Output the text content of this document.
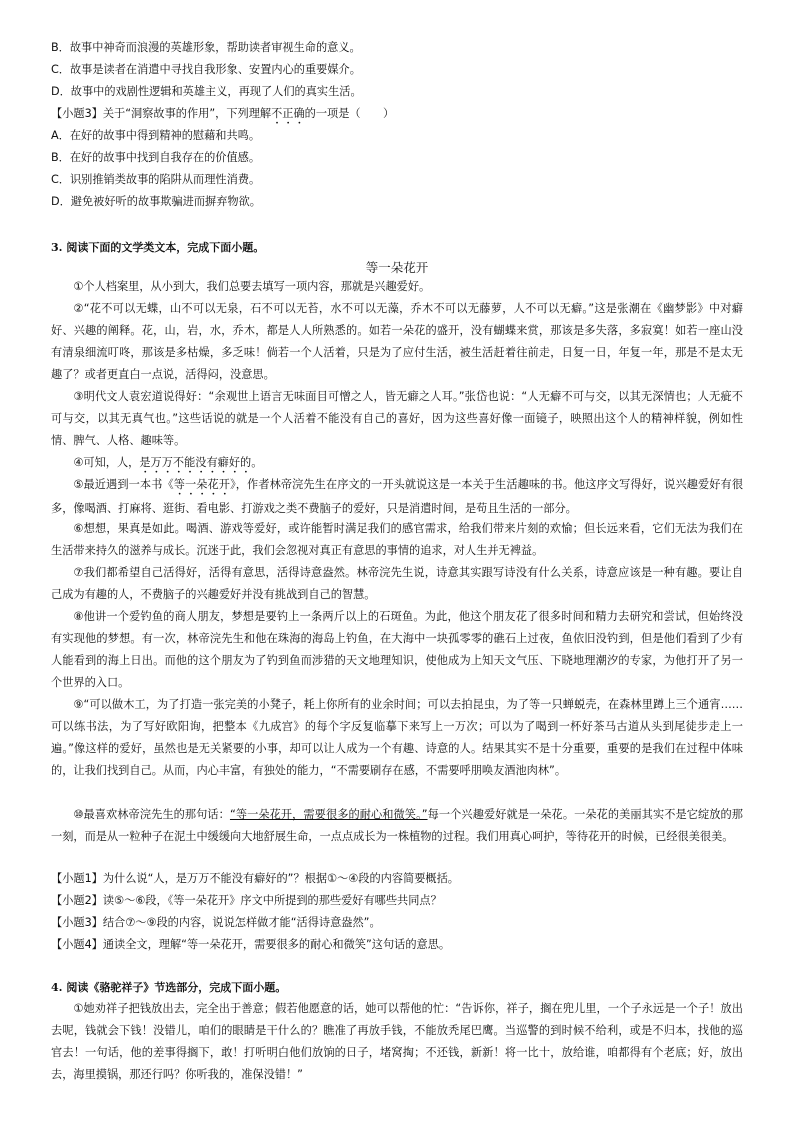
B．故事中神奇而浪漫的英雄形象，帮助读者审视生命的意义。
C．故事是读者在消遣中寻找自我形象、安置内心的重要媒介。
D．故事中的戏剧性逻辑和英雄主义，再现了人们的真实生活。
【小题3】关于“洞察故事的作用”，下列理解不正确的一项是（　　）
A．在好的故事中得到精神的慰藉和共鸣。
B．在好的故事中找到自我存在的价值感。
C．识别推销类故事的陷阱从而理性消费。
D．避免被好听的故事欺骗进而摒弃物欲。
3. 阅读下面的文学类文本，完成下面小题。
等一朵花开

①个人档案里，从小到大，我们总要去填写一项内容，那就是兴趣爱好。

②“花不可以无蝶，山不可以无泉，石不可以无苔，水不可以无藻，乔木不可以无藤萝，人不可以无癖。”这是张潮在《幽梦影》中对癖好、兴趣的阐释。花，山，岩，水，乔木，都是人人所熟悉的。如若一朵花的盛开，没有蝴蝶来赏，那该是多失落，多寂寞！如若一座山没有清泉细流叮咚，那该是多枯燥，多乏味！倘若一个人活着，只是为了应付生活，被生活赶着往前走，日复一日，年复一年，那是不是太无趣了？或者更直白一点说，活得闷，没意思。

③明代文人袁宏道说得好：“余观世上语言无味面目可憎之人，皆无癖之人耳。”张岱也说：“人无癖不可与交，以其无深情也；人无疵不可与交，以其无真气也。”这些话说的就是一个人活着不能没有自己的喜好，因为这些喜好像一面镜子，映照出这个人的精神样貌，例如性情、脾气、人格、趣味等。

④可知，人，是万万不能没有癖好的。

⑤最近遇到一本书《等一朵花开》，作者林帝浣先生在序文的一开头就说这是一本关于生活趣味的书。他这序文写得好，说兴趣爱好有很多，像喝酒、打麻将、逛街、看电影、打游戏之类不费脑子的爱好，只是消遣时间，是苟且生活的一部分。

⑥想想，果真是如此。喝酒、游戏等爱好，或许能暂时满足我们的感官需求，给我们带来片刻的欢愉；但长远来看，它们无法为我们在生活带来持久的滋养与成长。沉迷于此，我们会忽视对真正有意思的事情的追求，对人生并无裨益。

⑦我们都希望自己活得好，活得有意思，活得诗意盎然。林帝浣先生说，诗意其实跟写诗没有什么关系，诗意应该是一种有趣。要让自己成为有趣的人，不费脑子的兴趣爱好并没有挑战到自己的智慧。

⑧他讲一个爱钓鱼的商人朋友，梦想是要钓上一条两斤以上的石斑鱼。为此，他这个朋友花了很多时间和精力去研究和尝试，但始终没有实现他的梦想。有一次，林帝浣先生和他在珠海的海岛上钓鱼，在大海中一块孤零零的礁石上过夜，鱼依旧没钓到，但是他们看到了少有人能看到的海上日出。而他的这个朋友为了钓到鱼而涉猎的天文地理知识，使他成为上知天文气压、下晓地理潮汐的专家，为他打开了另一个世界的入口。

⑨“可以做木工，为了打造一张完美的小凳子，耗上你所有的业余时间；可以去拍昆虫，为了等一只蝉蜕壳，在森林里蹲上三个通宵……可以练书法，为了写好欧阳询，把整本《九成宫》的每个字反复临摹下来写上一万次；可以为了喝到一杯好茶马古道从头到尾徒步走上一遍。”像这样的爱好，虽然也是无关紧要的小事，却可以让人成为一个有趣、诗意的人。结果其实不是十分重要，重要的是我们在过程中体味的，让我们找到自己。从而，内心丰富，有独处的能力，“不需要刷存在感，不需要呼朋唤友酒池肉林”。

⑩最喜欢林帝浣先生的那句话：“等一朵花开，需要很多的耐心和微笑。”每一个兴趣爱好就是一朵花。一朵花的美丽其实不是它绽放的那一刻，而是从一粒种子在泥土中缓缓向大地舒展生命，一点点成长为一株植物的过程。我们用真心呵护，等待花开的时候，已经很美很美。

【小题1】为什么说“人，是万万不能没有癖好的”？根据①～④段的内容简要概括。
【小题2】读⑤～⑥段，《等一朵花开》序文中所提到的那些爱好有哪些共同点？
【小题3】结合⑦～⑨段的内容，说说怎样做才能“活得诗意盎然”。
【小题4】通读全文，理解“等一朵花开，需要很多的耐心和微笑”这句话的意思。
4. 阅读《骆驼祥子》节选部分，完成下面小题。

①她劝祥子把钱放出去，完全出于善意；假若他愿意的话，她可以帮他的忙：“告诉你，祥子，搁在兜儿里，一个子永远是一个子！放出去呢，钱就会下钱！没错儿，咱们的眼睛是干什么的？瞧准了再放手钱，不能放秃尾巴鹰。当巡警的到时候不给利，或是不归本，找他的巡官去！一句话，他的差事得搁下，敢！打听明白他们放饷的日子，堵窝掏；不还钱，新新！将一比十，放给谁，咱都得有个老底；好，放出去，海里摸锅，那还行吗？你听我的，准保没错！”
